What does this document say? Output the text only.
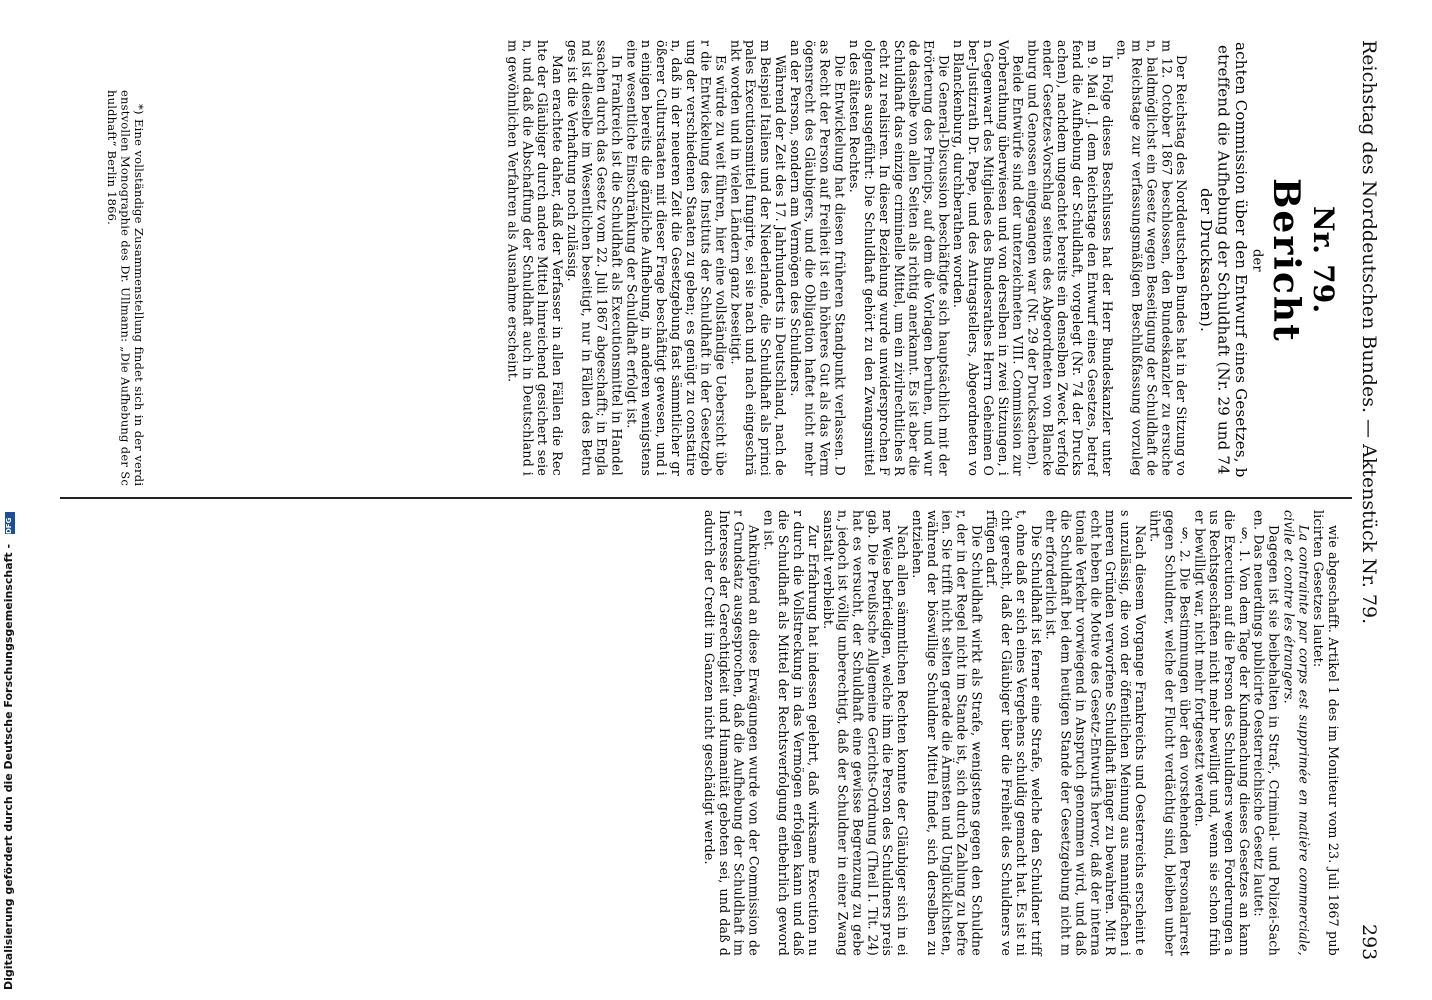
Reichstag des Norddeutschen Bundes. — Aktenstück Nr. 79.
293
Nr. 79.
Bericht
der
achten Commission über den Entwurf eines Gesetzes, betreffend die Aufhebung der Schuldhaft (Nr. 29 und 74 der Drucksachen).

Der Reichstag des Norddeutschen Bundes hat in der Sitzung vom 12. October 1867 beschlossen, den Bundeskanzler zu ersuchen, baldmöglichst ein Gesetz wegen Beseitigung der Schuldhaft dem Reichstage zur verfassungsmäßigen Beschlußfassung vorzulegen.

In Folge dieses Beschlusses hat der Herr Bundeskanzler unterm 9. Mai d. J. dem Reichstage den Entwurf eines Gesetzes, betreffend die Aufhebung der Schuldhaft, vorgelegt (Nr. 74 der Drucksachen), nachdem ungeachtet bereits ein denselben Zweck verfolgender Gesetzes-Vorschlag seitens des Abgeordneten von Blanckenburg und Genossen eingegangen war (Nr. 29 der Drucksachen).

Beide Entwürfe sind der unterzeichneten VIII. Commission zur Vorberathung überwiesen und von derselben in zwei Sitzungen, in Gegenwart des Mitgliedes des Bundesrathes Herrn Geheimen Ober-Justizrath Dr. Pape, und des Antragstellers, Abgeordneten von Blanckenburg, durchberathen worden.

Die General-Discussion beschäftigte sich hauptsächlich mit der Erörterung des Princips, auf dem die Vorlagen beruhen, und wurde dasselbe von allen Seiten als richtig anerkannt. Es ist aber die Schuldhaft das einzige criminelle Mittel, um ein zivilrechtliches Recht zu realisiren. In dieser Beziehung wurde unwidersprochen Folgendes ausgeführt: Die Schuldhaft gehört zu den Zwangsmitteln des ältesten Rechtes.

Die Entwickelung hat diesen früheren Standpunkt verlassen. Das Recht der Person auf Freiheit ist ein höheres Gut als das Vermögensrecht des Gläubigers, und die Obligation haftet nicht mehr an der Person, sondern am Vermögen des Schuldners.

Während der Zeit des 17. Jahrhunderts in Deutschland, nach dem Beispiel Italiens und der Niederlande, die Schuldhaft als principales Executionsmittel fungirte, sei sie nach und nach eingeschränkt worden und in vielen Ländern ganz beseitigt.

Es würde zu weit führen, hier eine vollständige Uebersicht über die Entwickelung des Instituts der Schuldhaft in der Gesetzgebung der verschiedenen Staaten zu geben; es genügt zu constatiren, daß in der neueren Zeit die Gesetzgebung fast sämmtlicher größerer Culturstaaten mit dieser Frage beschäftigt gewesen, und in einigen bereits die gänzliche Aufhebung, in anderen wenigstens eine wesentliche Einschränkung der Schuldhaft erfolgt ist.

In Frankreich ist die Schuldhaft als Executionsmittel in Handelssachen durch das Gesetz vom 22. Juli 1867 abgeschafft; in England ist dieselbe im Wesentlichen beseitigt, nur in Fällen des Betruges ist die Verhaftung noch zulässig.

Man erachtete daher, daß der Verfasser in allen Fällen die Rechte der Gläubiger durch andere Mittel hinreichend gesichert seien, und daß die Abschaffung der Schuldhaft auch in Deutschland im gewöhnlichen Verfahren als Ausnahme erscheint.

*) Eine vollständige Zusammenstellung findet sich in der verdienstvollen Monographie des Dr. Ullmann: „Die Aufhebung der Schuldhaft“ Berlin 1866.

wie abgeschafft. Artikel 1 des im Moniteur vom 23. Juli 1867 publicirten Gesetzes lautet:

La contrainte par corps est supprimée en matière commerciale, civile et contre les étrangers.

Dagegen ist sie beibehalten in Straf-, Criminal- und Polizei-Sachen. Das neuerdings publicirte Oesterreichische Gesetz lautet:

§. 1. Von dem Tage der Kundmachung dieses Gesetzes an kann die Execution auf die Person des Schuldners wegen Forderungen aus Rechtsgeschäften nicht mehr bewilligt und, wenn sie schon früher bewilligt war, nicht mehr fortgesetzt werden.

§. 2. Die Bestimmungen über den vorstehenden Personalarrest gegen Schuldner, welche der Flucht verdächtig sind, bleiben unberührt.

Nach diesem Vorgange Frankreichs und Oesterreichs erscheint es unzulässig, die von der öffentlichen Meinung aus mannigfachen inneren Gründen verworfene Schuldhaft länger zu bewahren. Mit Recht heben die Motive des Gesetz-Entwurfs hervor, daß der internationale Verkehr vorwiegend in Anspruch genommen wird, und daß die Schuldhaft bei dem heutigen Stande der Gesetzgebung nicht mehr erforderlich ist.

Die Schuldhaft ist ferner eine Strafe, welche den Schuldner trifft, ohne daß er sich eines Vergehens schuldig gemacht hat. Es ist nicht gerecht, daß der Gläubiger über die Freiheit des Schuldners verfügen darf.

Die Schuldhaft wirkt als Strafe, wenigstens gegen den Schuldner, der in der Regel nicht im Stande ist, sich durch Zahlung zu befreien. Sie trifft nicht selten gerade die Ärmsten und Unglücklichsten, während der böswillige Schuldner Mittel findet, sich derselben zu entziehen.

Nach allen sämmtlichen Rechten konnte der Gläubiger sich in einer Weise befriedigen, welche ihm die Person des Schuldners preisgab. Die Preußische Allgemeine Gerichts-Ordnung (Theil I. Tit. 24) hat es versucht, der Schuldhaft eine gewisse Begrenzung zu geben, jedoch ist völlig unberechtigt, daß der Schuldner in einer Zwangsanstalt verbleibt.

Zur Erfahrung hat indessen gelehrt, daß wirksame Execution nur durch die Vollstreckung in das Vermögen erfolgen kann und daß die Schuldhaft als Mittel der Rechtsverfolgung entbehrlich geworden ist.

Anknüpfend an diese Erwägungen wurde von der Commission der Grundsatz ausgesprochen, daß die Aufhebung der Schuldhaft im Interesse der Gerechtigkeit und Humanität geboten sei, und daß dadurch der Credit im Ganzen nicht geschädigt werde.

Digitalisierung gefördert durch die Deutsche Forschungsgemeinschaft - DFG
